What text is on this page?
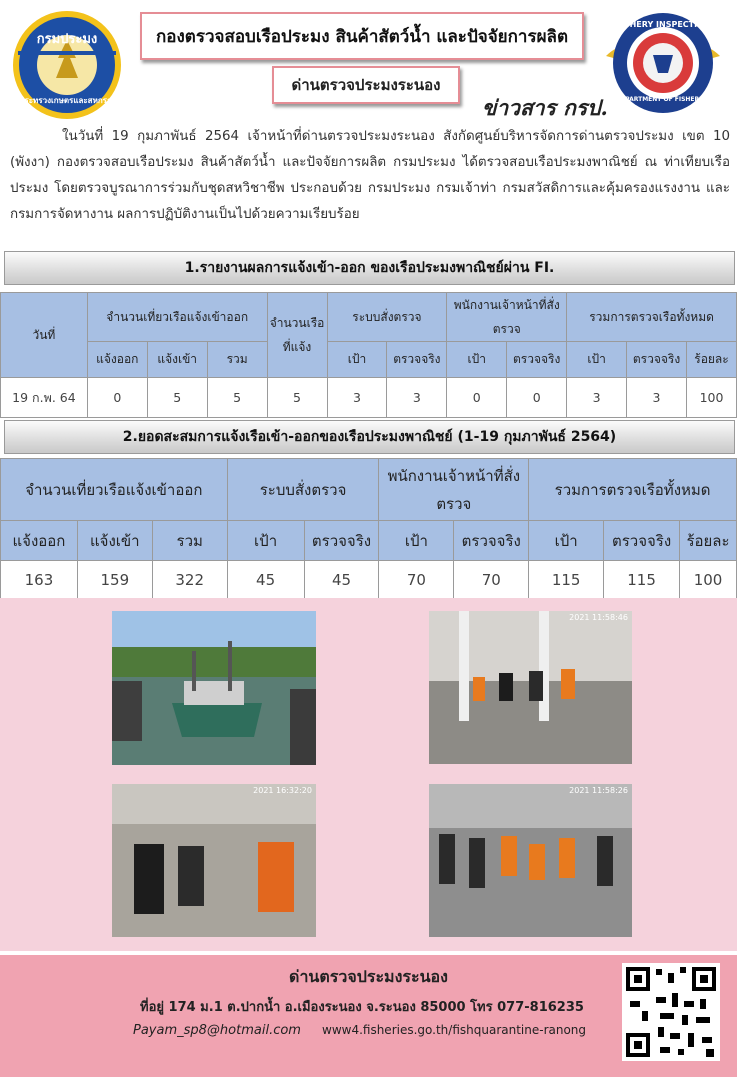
กรมประมง
กระทรวงเกษตรและสหกรณ์
กองตรวจสอบเรือประมง สินค้าสัตว์น้ำ และปัจจัยการผลิต
ด่านตรวจประมงระนอง
ข่าวสาร กรป.
FISHERY INSPECTION
DEPARTMENT OF FISHERIES
ในวันที่ 19 กุมภาพันธ์ 2564 เจ้าหน้าที่ด่านตรวจประมงระนอง สังกัดศูนย์บริหารจัดการด่านตรวจประมง เขต 10 (พังงา) กองตรวจสอบเรือประมง สินค้าสัตว์น้ำ และปัจจัยการผลิต กรมประมง ได้ตรวจสอบเรือประมงพาณิชย์ ณ ท่าเทียบเรือประมง โดยตรวจบูรณาการร่วมกับชุดสหวิชาชีพ ประกอบด้วย กรมประมง กรมเจ้าท่า กรมสวัสดิการและคุ้มครองแรงงาน และกรมการจัดหางาน ผลการปฏิบัติงานเป็นไปด้วยความเรียบร้อย
1.รายงานผลการแจ้งเข้า-ออก ของเรือประมงพาณิชย์ผ่าน FI.
วันที่	จำนวนเที่ยวเรือแจ้งเข้าออก			จำนวนเรือที่แจ้ง	ระบบสั่งตรวจ		พนักงานเจ้าหน้าที่สั่งตรวจ		รวมการตรวจเรือทั้งหมด		
	แจ้งออก	แจ้งเข้า	รวม		เป้า	ตรวจจริง	เป้า	ตรวจจริง	เป้า	ตรวจจริง	ร้อยละ
19 ก.พ. 64	0	5	5	5	3	3	0	0	3	3	100
2.ยอดสะสมการแจ้งเรือเข้า-ออกของเรือประมงพาณิชย์ (1-19 กุมภาพันธ์ 2564)
จำนวนเที่ยวเรือแจ้งเข้าออก			ระบบสั่งตรวจ		พนักงานเจ้าหน้าที่สั่งตรวจ		รวมการตรวจเรือทั้งหมด		
แจ้งออก	แจ้งเข้า	รวม	เป้า	ตรวจจริง	เป้า	ตรวจจริง	เป้า	ตรวจจริง	ร้อยละ
163	159	322	45	45	70	70	115	115	100
2021 11:58:46
2021 16:32:20	2021 11:58:26
ด่านตรวจประมงระนอง
ที่อยู่ 174 ม.1 ต.ปากน้ำ อ.เมืองระนอง จ.ระนอง 85000 โทร 077-816235
Payam_sp8@hotmail.com www4.fisheries.go.th/fishquarantine-ranong
